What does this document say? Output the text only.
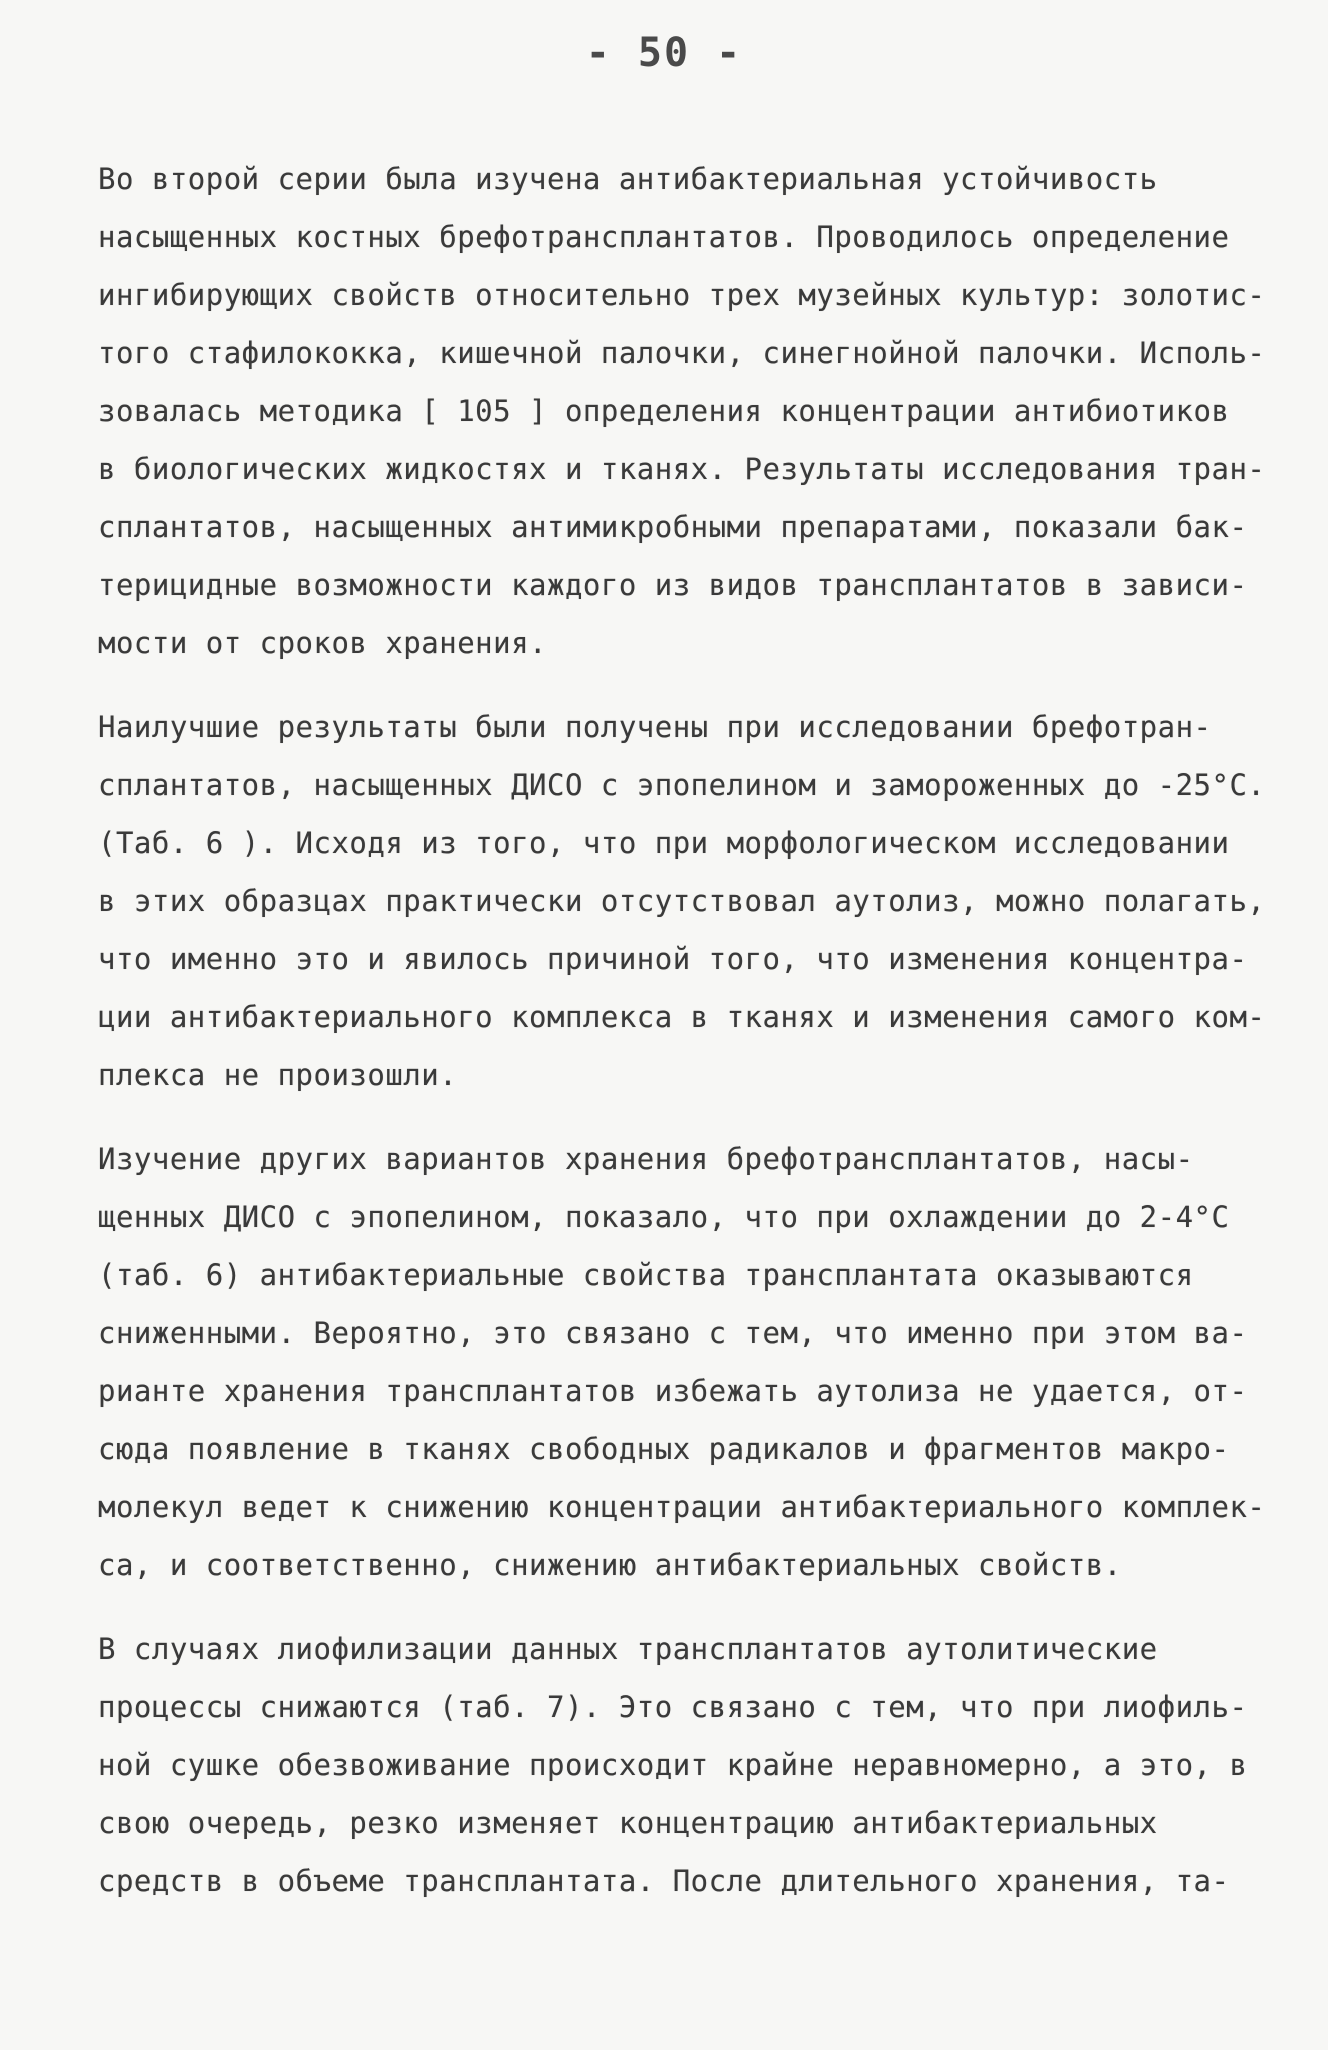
- 50 -
Во второй серии была изучена антибактериальная устойчивость
насыщенных костных брефотрансплантатов. Проводилось определение
ингибирующих свойств относительно трех музейных культур: золотис-
того стафилококка, кишечной палочки, синегнойной палочки. Исполь-
зовалась методика [ 105 ] определения концентрации антибиотиков
в биологических жидкостях и тканях. Результаты исследования тран-
сплантатов, насыщенных антимикробными препаратами, показали бак-
терицидные возможности каждого из видов трансплантатов в зависи-
мости от сроков хранения.
Наилучшие результаты были получены при исследовании брефотран-
сплантатов, насыщенных ДИСО с эпопелином и замороженных до -25°С.
(Таб. 6 ). Исходя из того, что при морфологическом исследовании
в этих образцах практически отсутствовал аутолиз, можно полагать,
что именно это и явилось причиной того, что изменения концентра-
ции антибактериального комплекса в тканях и изменения самого ком-
плекса не произошли.
Изучение других вариантов хранения брефотрансплантатов, насы-
щенных ДИСО с эпопелином, показало, что при охлаждении до 2-4°С
(таб. 6) антибактериальные свойства трансплантата оказываются
сниженными. Вероятно, это связано с тем, что именно при этом ва-
рианте хранения трансплантатов избежать аутолиза не удается, от-
сюда появление в тканях свободных радикалов и фрагментов макро-
молекул ведет к снижению концентрации антибактериального комплек-
са, и соответственно, снижению антибактериальных свойств.
В случаях лиофилизации данных трансплантатов аутолитические
процессы снижаются (таб. 7). Это связано с тем, что при лиофиль-
ной сушке обезвоживание происходит крайне неравномерно, а это, в
свою очередь, резко изменяет концентрацию антибактериальных
средств в объеме трансплантата. После длительного хранения, та-
